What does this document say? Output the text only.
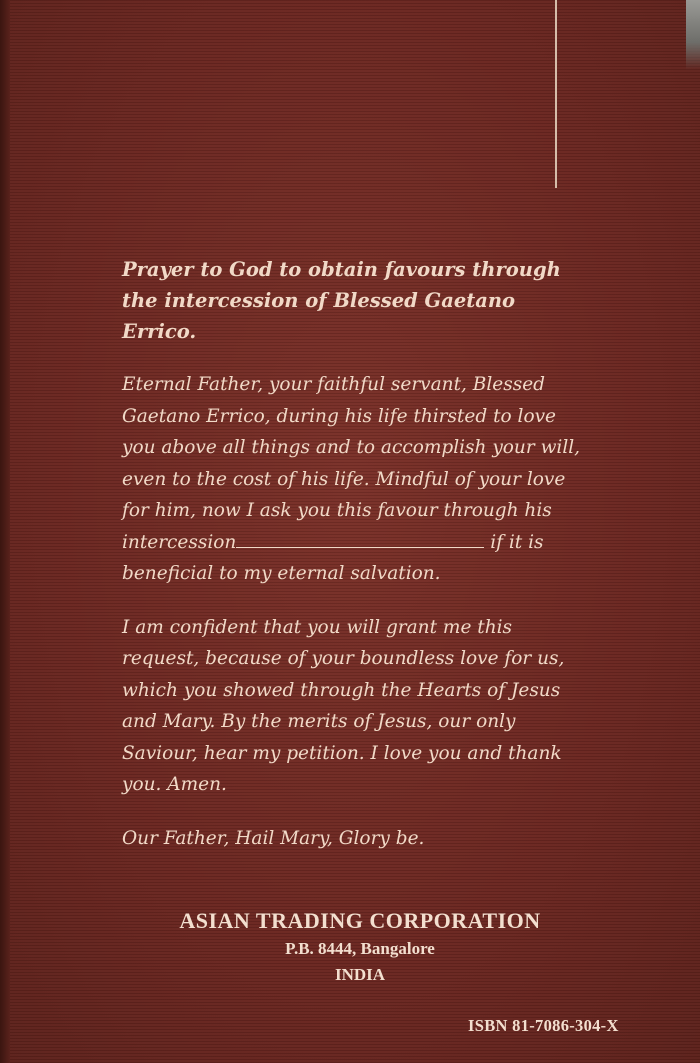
Prayer to God to obtain favours through the intercession of Blessed Gaetano Errico.

Eternal Father, your faithful servant, Blessed Gaetano Errico, during his life thirsted to love you above all things and to accomplish your will, even to the cost of his life. Mindful of your love for him, now I ask you this favour through his intercession	if it is beneficial to my eternal salvation.

I am confident that you will grant me this request, because of your boundless love for us, which you showed through the Hearts of Jesus and Mary. By the merits of Jesus, our only Saviour, hear my petition. I love you and thank you. Amen.

Our Father, Hail Mary, Glory be.

ASIAN TRADING CORPORATION
P.B. 8444, Bangalore
INDIA
ISBN 81-7086-304-X
